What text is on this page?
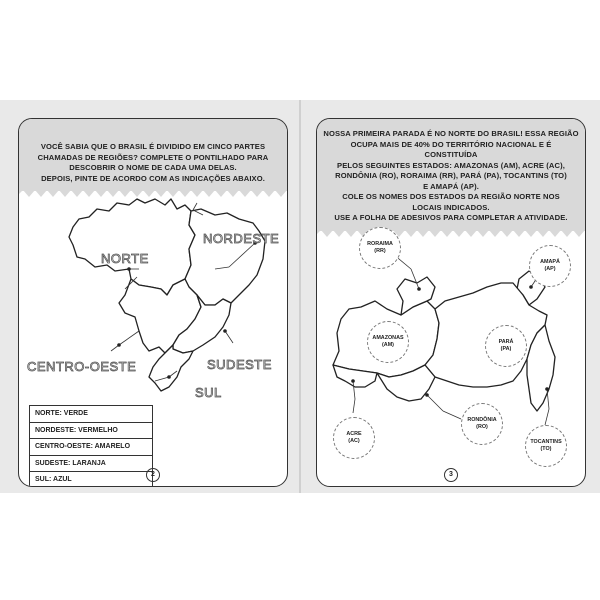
VOCÊ SABIA QUE O BRASIL É DIVIDIDO EM CINCO PARTES
CHAMADAS DE REGIÕES? COMPLETE O PONTILHADO PARA
DESCOBRIR O NOME DE CADA UMA DELAS.
DEPOIS, PINTE DE ACORDO COM AS INDICAÇÕES ABAIXO.
NORTE
NORDESTE
CENTRO-OESTE	SUDESTE
SUL
NORTE: VERDE
NORDESTE: VERMELHO
CENTRO-OESTE: AMARELO
SUDESTE: LARANJA
SUL: AZUL
2
NOSSA PRIMEIRA PARADA É NO NORTE DO BRASIL! ESSA REGIÃO
OCUPA MAIS DE 40% DO TERRITÓRIO NACIONAL E É CONSTITUÍDA
PELOS SEGUINTES ESTADOS: AMAZONAS (AM), ACRE (AC),
RONDÔNIA (RO), RORAIMA (RR), PARÁ (PA), TOCANTINS (TO)
E AMAPÁ (AP).
COLE OS NOMES DOS ESTADOS DA REGIÃO NORTE NOS
LOCAIS INDICADOS.
USE A FOLHA DE ADESIVOS PARA COMPLETAR A ATIVIDADE.
RORAIMA
(RR)
AMAPÁ
(AP)
AMAZONAS
(AM)	PARÁ
(PA)
ACRE
(AC)
RONDÔNIA
(RO)
TOCANTINS
(TO)
3
